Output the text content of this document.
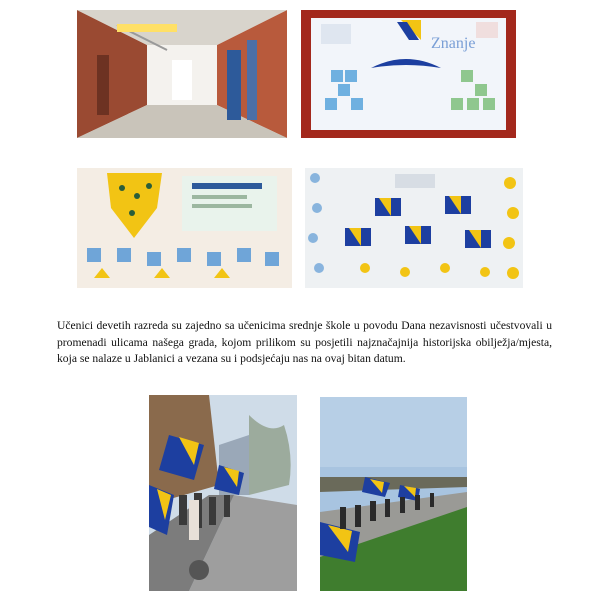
Znanje

Učenici devetih razreda su zajedno sa učenicima srednje škole u povodu Dana nezavisnosti učestvovali u promenadi ulicama našega grada, kojom prilikom su posjetili najznačajnija historijska obilježja/mjesta, koja se nalaze u Jablanici a vezana su i podsjećaju nas na ovaj bitan datum.
